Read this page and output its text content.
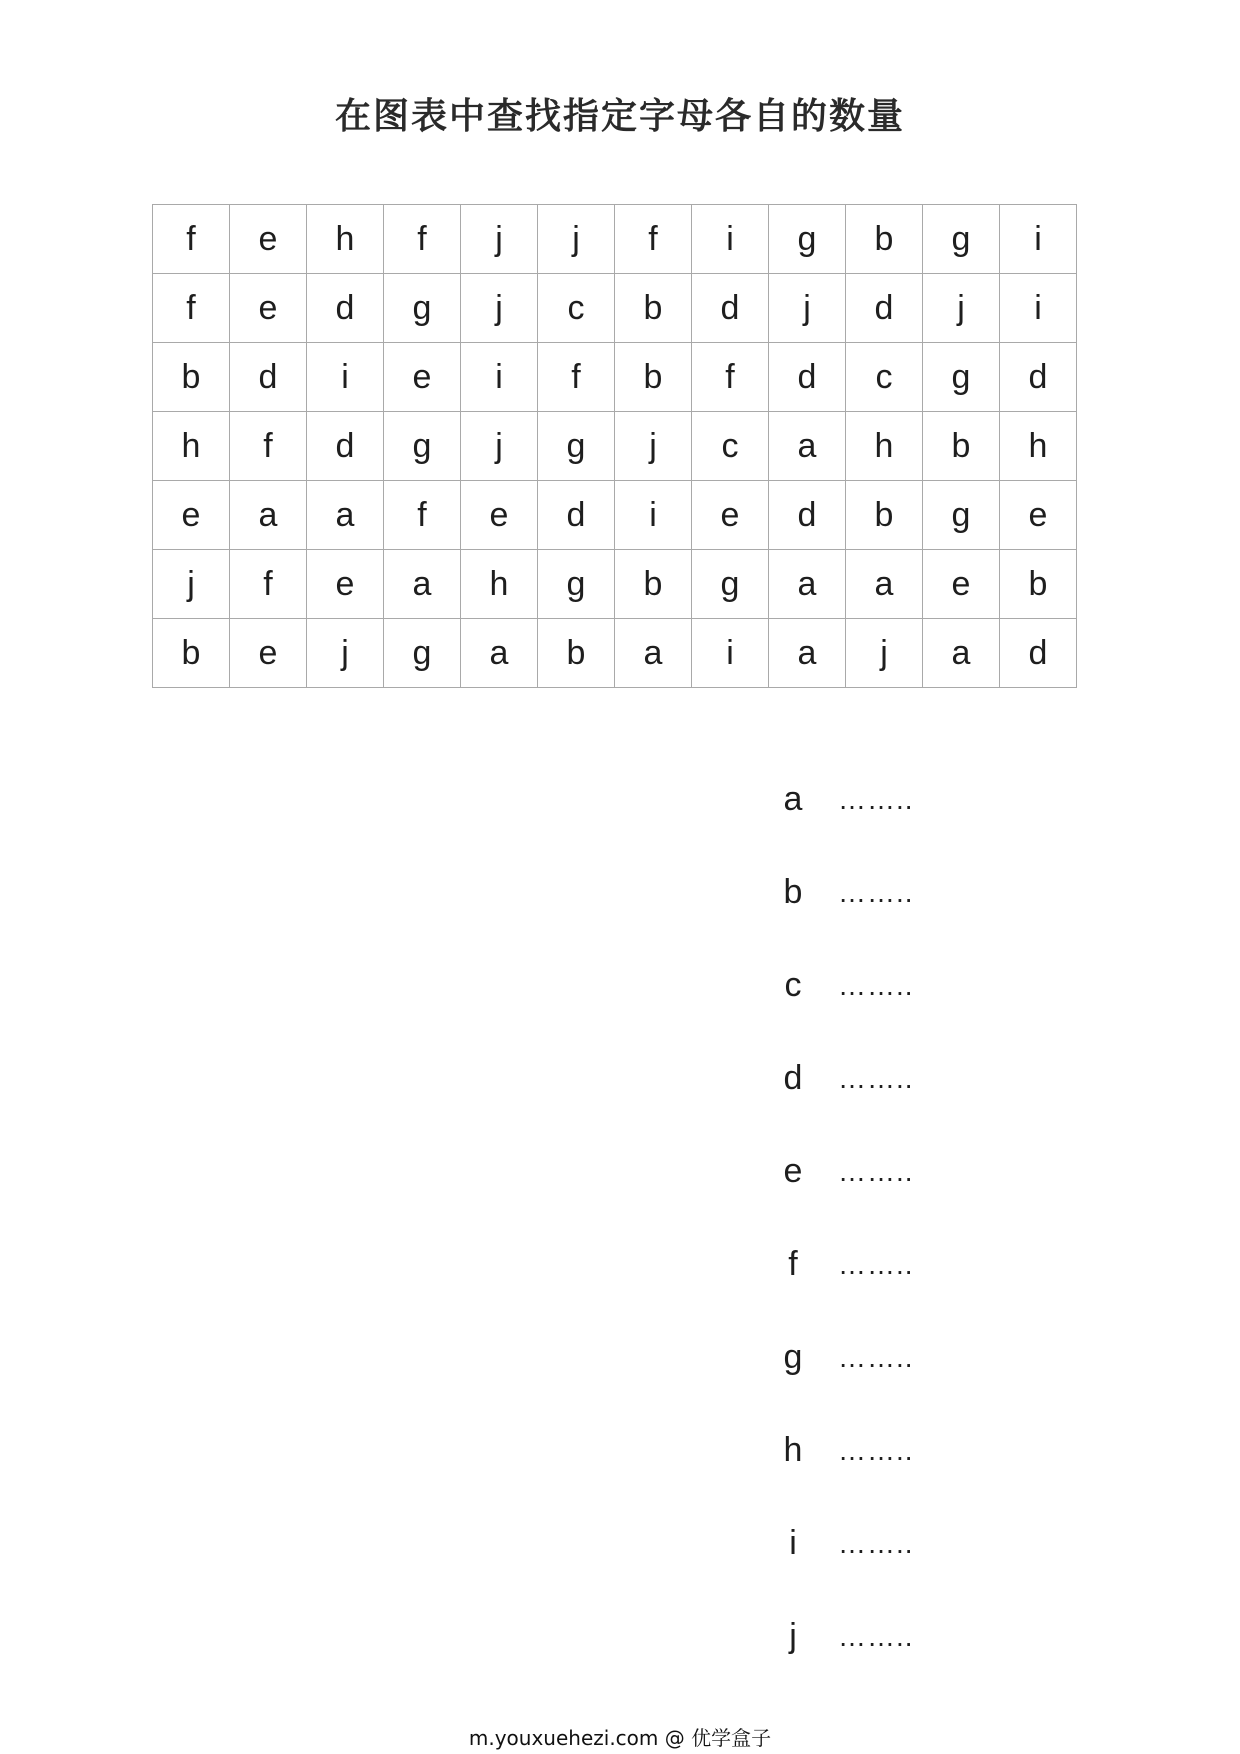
在图表中查找指定字母各自的数量
f	e	h	f	j	j	f	i	g	b	g	i
f	e	d	g	j	c	b	d	j	d	j	i
b	d	i	e	i	f	b	f	d	c	g	d
h	f	d	g	j	g	j	c	a	h	b	h
e	a	a	f	e	d	i	e	d	b	g	e
j	f	e	a	h	g	b	g	a	a	e	b
b	e	j	g	a	b	a	i	a	j	a	d
a ……..
b ……..
c ……..
d ……..
e ……..
f	……..
g ……..
h ……..
i	……..
j	……..
m.youxuehezi.com @ 优学盒子
